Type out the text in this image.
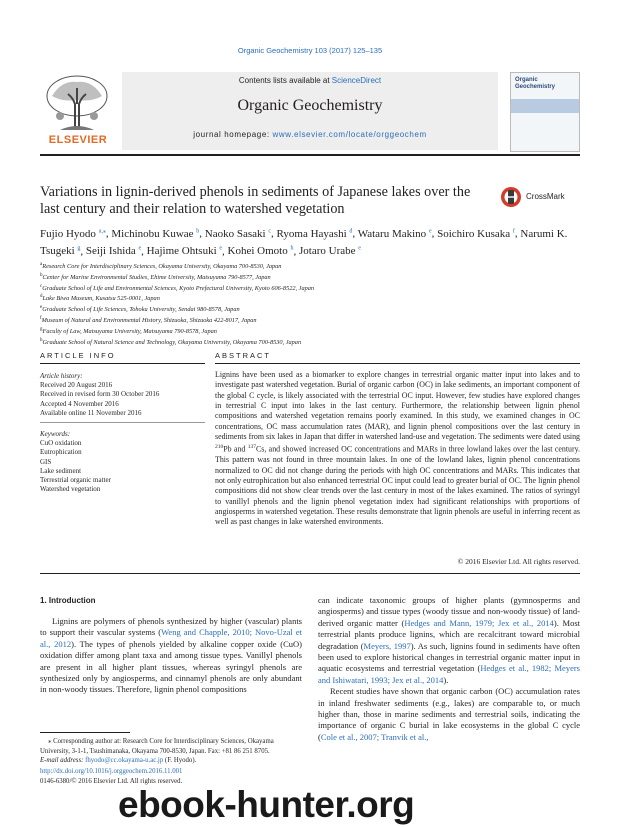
Organic Geochemistry 103 (2017) 125–135
ELSEVIER
Contents lists available at ScienceDirect
Organic Geochemistry
journal homepage: www.elsevier.com/locate/orggeochem
Organic
Geochemistry
Variations in lignin-derived phenols in sediments of Japanese lakes over the last century and their relation to watershed vegetation
CrossMark
Fujio Hyodo $^{a,⁎}$, Michinobu Kuwae $^b$, Naoko Sasaki $^c$, Ryoma Hayashi $^d$, Wataru Makino $^e$, Soichiro Kusaka $^f$, Narumi K. Tsugeki $^g$, Seiji Ishida $^e$, Hajime Ohtsuki $^e$, Kohei Omoto $^h$, Jotaro Urabe $^e$
$^a$Research Core for Interdisciplinary Sciences, Okayama University, Okayama 700-8530, Japan
$^b$Center for Marine Environmental Studies, Ehime University, Matsuyama 790-8577, Japan
$^c$Graduate School of Life and Environmental Sciences, Kyoto Prefectural University, Kyoto 606-8522, Japan
$^d$Lake Biwa Museum, Kusatsu 525-0001, Japan
$^e$Graduate School of Life Sciences, Tohoku University, Sendai 980-8578, Japan
$^f$Museum of Natural and Environmental History, Shizuoka, Shizuoka 422-8017, Japan
$^g$Faculty of Law, Matsuyama University, Matsuyama 790-8578, Japan
$^h$Graduate School of Natural Science and Technology, Okayama University, Okayama 700-8530, Japan
ARTICLE INFO	ABSTRACT
Article history:
Received 20 August 2016
Received in revised form 30 October 2016
Accepted 4 November 2016
Available online 11 November 2016
Keywords:
CuO oxidation
Eutrophication
GIS
Lake sediment
Terrestrial organic matter
Watershed vegetation
Lignins have been used as a biomarker to explore changes in terrestrial organic matter input into lakes and to investigate past watershed vegetation. Burial of organic carbon (OC) in lake sediments, an important component of the global C cycle, is likely associated with the terrestrial OC input. However, few studies have explored changes in terrestrial C input into lakes in the last century. Furthermore, the relationship between lignin phenol compositions and watershed vegetation remains poorly examined. In this study, we examined changes in OC concentrations, OC mass accumulation rates (MAR), and lignin phenol compositions over the last century in sediments from six lakes in Japan that differ in watershed land-use and vegetation. The sediments were dated using $^{210}$Pb and $^{137}$Cs, and showed increased OC concentrations and MARs in three lowland lakes over the last century. This pattern was not found in three mountain lakes. In one of the lowland lakes, lignin phenol concentrations normalized to OC did not change during the periods with high OC concentrations and MARs. This indicates that not only eutrophication but also enhanced terrestrial OC input could lead to greater burial of OC. The lignin phenol compositions did not show clear trends over the last century in most of the lakes examined. The ratios of syringyl to vanillyl phenols and the lignin phenol vegetation index had significant relationships with proportions of angiosperms in watershed vegetation. These results demonstrate that lignin phenols are useful in inferring recent as well as past changes in lake watershed environments.
© 2016 Elsevier Ltd. All rights reserved.
1. Introduction
Lignins are polymers of phenols synthesized by higher (vascular) plants to support their vascular systems (Weng and Chapple, 2010; Novo-Uzal et al., 2012). The types of phenols yielded by alkaline copper oxide (CuO) oxidation differ among plant taxa and among tissue types. Vanillyl phenols are present in all higher plant tissues, whereas syringyl phenols are synthesized only by angiosperms, and cinnamyl phenols are only abundant in non-woody tissues. Therefore, lignin phenol compositions

can indicate taxonomic groups of higher plants (gymnosperms and angiosperms) and tissue types (woody tissue and non-woody tissue) of land-derived organic matter (Hedges and Mann, 1979; Jex et al., 2014). Most terrestrial plants produce lignins, which are recalcitrant toward microbial degradation (Meyers, 1997). As such, lignins found in sediments have often been used to explore historical changes in terrestrial organic matter input in aquatic ecosystems and terrestrial vegetation (Hedges et al., 1982; Meyers and Ishiwatari, 1993; Jex et al., 2014).

Recent studies have shown that organic carbon (OC) accumulation rates in inland freshwater sediments (e.g., lakes) are comparable to, or much higher than, those in marine sediments and terrestrial soils, indicating the importance of organic C burial in lake ecosystems in the global C cycle (Cole et al., 2007; Tranvik et al.,

⁎ Corresponding author at: Research Core for Interdisciplinary Sciences, Okayama University, 3-1-1, Tsushimanaka, Okayama 700-8530, Japan. Fax: +81 86 251 8705.
E-mail address: fhyodo@cc.okayama-u.ac.jp (F. Hyodo).
http://dx.doi.org/10.1016/j.orggeochem.2016.11.001
0146-6380/© 2016 Elsevier Ltd. All rights reserved.
ebook-hunter.org
